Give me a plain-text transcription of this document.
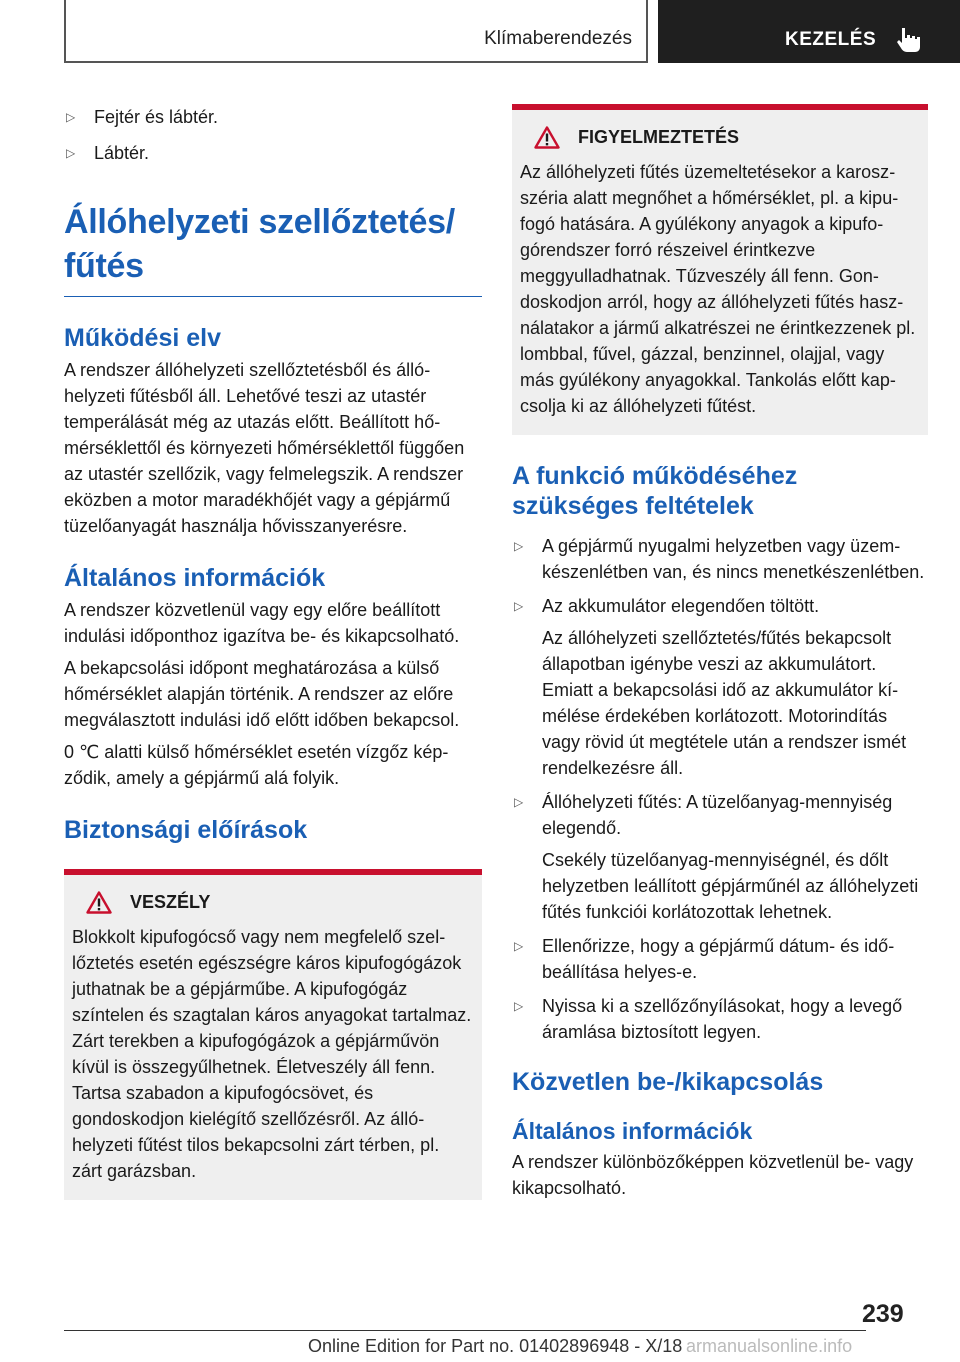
Klímaberendezés	KEZELÉS
▷ Fejtér és lábtér.
▷ Lábtér.
Állóhelyzeti szellőztetés/
fűtés
Működési elv

A rendszer állóhelyzeti szellőztetésből és állóhelyzeti fűtésből áll. Lehetővé teszi az utastér temperálását még az utazás előtt. Beállított hőmérséklettől és környezeti hőmérséklettől függően az utastér szellőzik, vagy felmelegszik. A rendszer eközben a motor maradékhőjét vagy a gépjármű tüzelőanyagát használja hővisszanyerésre.

Általános információk

A rendszer közvetlenül vagy egy előre beállított indulási időponthoz igazítva be- és kikapcsolható.

A bekapcsolási időpont meghatározása a külső hőmérséklet alapján történik. A rendszer az előre megválasztott indulási idő előtt időben bekapcsol.

0 ℃ alatti külső hőmérséklet esetén vízgőz képződik, amely a gépjármű alá folyik.

Biztonsági előírások
VESZÉLY

Blokkolt kipufogócső vagy nem megfelelő szellőztetés esetén egészségre káros kipufogógázok juthatnak be a gépjárműbe. A kipufogógáz színtelen és szagtalan káros anyagokat tartalmaz. Zárt terekben a kipufogógázok a gépjárművön kívül is összegyűlhetnek. Életveszély áll fenn. Tartsa szabadon a kipufogócsövet, és gondoskodjon kielégítő szellőzésről. Az állóhelyzeti fűtést tilos bekapcsolni zárt térben, pl. zárt garázsban.

FIGYELMEZTETÉS

Az állóhelyzeti fűtés üzemeltetésekor a karoszszéria alatt megnőhet a hőmérséklet, pl. a kipufogó hatására. A gyúlékony anyagok a kipufogórendszer forró részeivel érintkezve meggyulladhatnak. Tűzveszély áll fenn. Gondoskodjon arról, hogy az állóhelyzeti fűtés használatakor a jármű alkatrészei ne érintkezzenek pl. lombbal, fűvel, gázzal, benzinnel, olajjal, vagy más gyúlékony anyagokkal. Tankolás előtt kapcsolja ki az állóhelyzeti fűtést.

A funkció működéséhez szükséges feltételek
▷ A gépjármű nyugalmi helyzetben vagy üzemkészenlétben van, és nincs menetkészenlétben.
▷ Az akkumulátor elegendően töltött.
Az állóhelyzeti szellőztetés/fűtés bekapcsolt állapotban igénybe veszi az akkumulátort. Emiatt a bekapcsolási idő az akkumulátor kímélése érdekében korlátozott. Motorindítás vagy rövid út megtétele után a rendszer ismét rendelkezésre áll.
▷ Állóhelyzeti fűtés: A tüzelőanyag-mennyiség elegendő.
Csekély tüzelőanyag-mennyiségnél, és dőlt helyzetben leállított gépjárműnél az állóhelyzeti fűtés funkciói korlátozottak lehetnek.
▷ Ellenőrizze, hogy a gépjármű dátum- és időbeállítása helyes-e.
▷ Nyissa ki a szellőzőnyílásokat, hogy a levegő áramlása biztosított legyen.
Közvetlen be-/kikapcsolás
Általános információk

A rendszer különbözőképpen közvetlenül be- vagy kikapcsolható.

239
Online Edition for Part no. 01402896948 - X/18 armanualsonline.info
